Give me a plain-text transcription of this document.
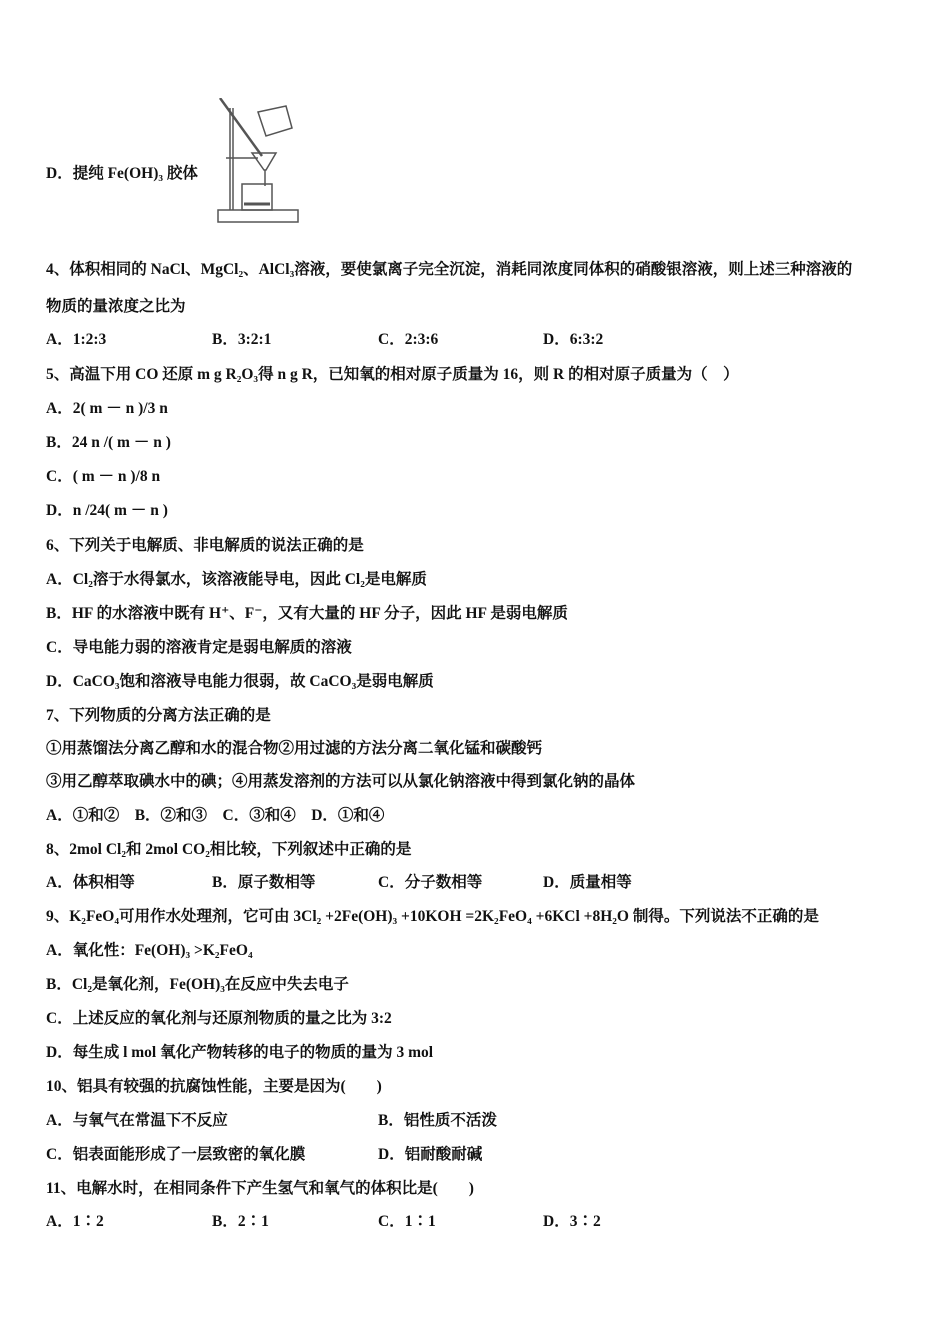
D．提纯 Fe(OH)₃ 胶体
4、体积相同的 NaCl、MgCl₂、AlCl₃溶液，要使氯离子完全沉淀，消耗同浓度同体积的硝酸银溶液，则上述三种溶液的
物质的量浓度之比为
A．1:2:3	B．3:2:1	C．2:3:6	D．6:3:2
5、高温下用 CO 还原 m g R₂O₃得 n g R，已知氧的相对原子质量为 16，则 R 的相对原子质量为（　）
A．2( m － n )/3 n
B．24 n /( m － n )
C．( m － n )/8 n
D．n /24( m － n )
6、下列关于电解质、非电解质的说法正确的是
A．Cl₂溶于水得氯水，该溶液能导电，因此 Cl₂是电解质
B．HF 的水溶液中既有 H⁺、F⁻，又有大量的 HF 分子，因此 HF 是弱电解质
C．导电能力弱的溶液肯定是弱电解质的溶液
D．CaCO₃饱和溶液导电能力很弱，故 CaCO₃是弱电解质
7、下列物质的分离方法正确的是
①用蒸馏法分离乙醇和水的混合物②用过滤的方法分离二氧化锰和碳酸钙
③用乙醇萃取碘水中的碘；④用蒸发溶剂的方法可以从氯化钠溶液中得到氯化钠的晶体
A．①和②　B．②和③　C．③和④　D．①和④
8、2mol Cl₂和 2mol CO₂相比较，下列叙述中正确的是
A．体积相等	B．原子数相等	C．分子数相等	D．质量相等
9、K₂FeO₄可用作水处理剂，它可由 3Cl₂ +2Fe(OH)₃ +10KOH =2K₂FeO₄ +6KCl +8H₂O 制得。下列说法不正确的是
A．氧化性：Fe(OH)₃ >K₂FeO₄
B．Cl₂是氧化剂，Fe(OH)₃在反应中失去电子
C．上述反应的氧化剂与还原剂物质的量之比为 3:2
D．每生成 l mol 氧化产物转移的电子的物质的量为 3 mol
10、铝具有较强的抗腐蚀性能，主要是因为(　　)
A．与氧气在常温下不反应	B．铝性质不活泼
C．铝表面能形成了一层致密的氧化膜	D．铝耐酸耐碱
11、电解水时，在相同条件下产生氢气和氧气的体积比是(　　)
A．1∶2	B．2∶1	C．1∶1	D．3∶2
